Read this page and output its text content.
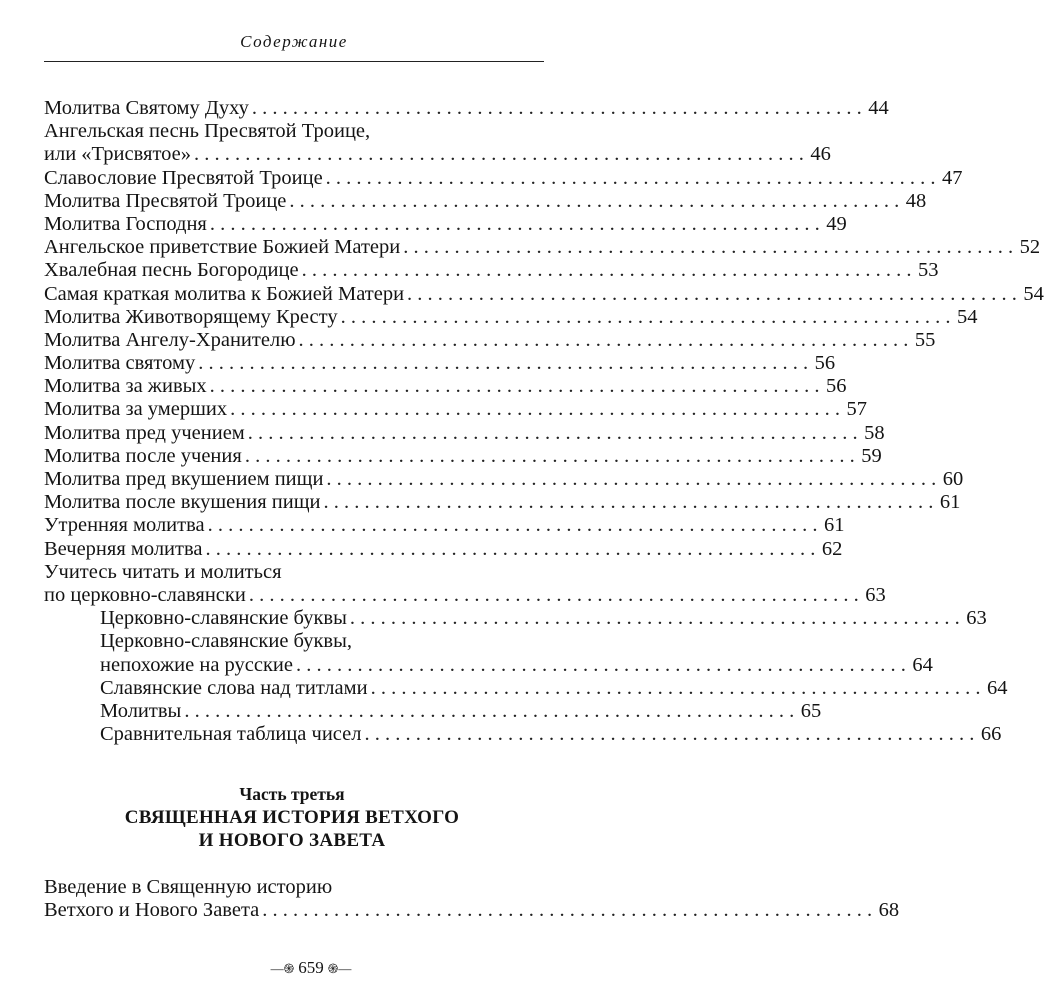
Содержание
Молитва Святому Духу . . .	44
Ангельская песнь Пресвятой Троице,
или «Трисвятое» . . .	46
Славословие Пресвятой Троице . . .	47
Молитва Пресвятой Троице . . .	48
Молитва Господня . . .	49
Ангельское приветствие Божией Матери . . .	52
Хвалебная песнь Богородице . . .	53
Самая краткая молитва к Божией Матери . . .	54
Молитва Животворящему Кресту . . .	54
Молитва Ангелу-Хранителю . . .	55
Молитва святому . . .	56
Молитва за живых . . .	56
Молитва за умерших . . .	57
Молитва пред учением . . .	58
Молитва после учения . . .	59
Молитва пред вкушением пищи . . .	60
Молитва после вкушения пищи . . .	61
Утренняя молитва . . .	61
Вечерняя молитва . . .	62
Учитесь читать и молиться
по церковно-славянски . . .	63
Церковно-славянские буквы . . .	63
Церковно-славянские буквы,
непохожие на русские . . .	64
Славянские слова над титлами . . .	64
Молитвы . . .	65
Сравнительная таблица чисел . . .	66
Часть третья
СВЯЩЕННАЯ ИСТОРИЯ ВЕТХОГО
И НОВОГО ЗАВЕТА
Введение в Священную историю
Ветхого и Нового Завета . . .	68
—֍ 659 ֍—
